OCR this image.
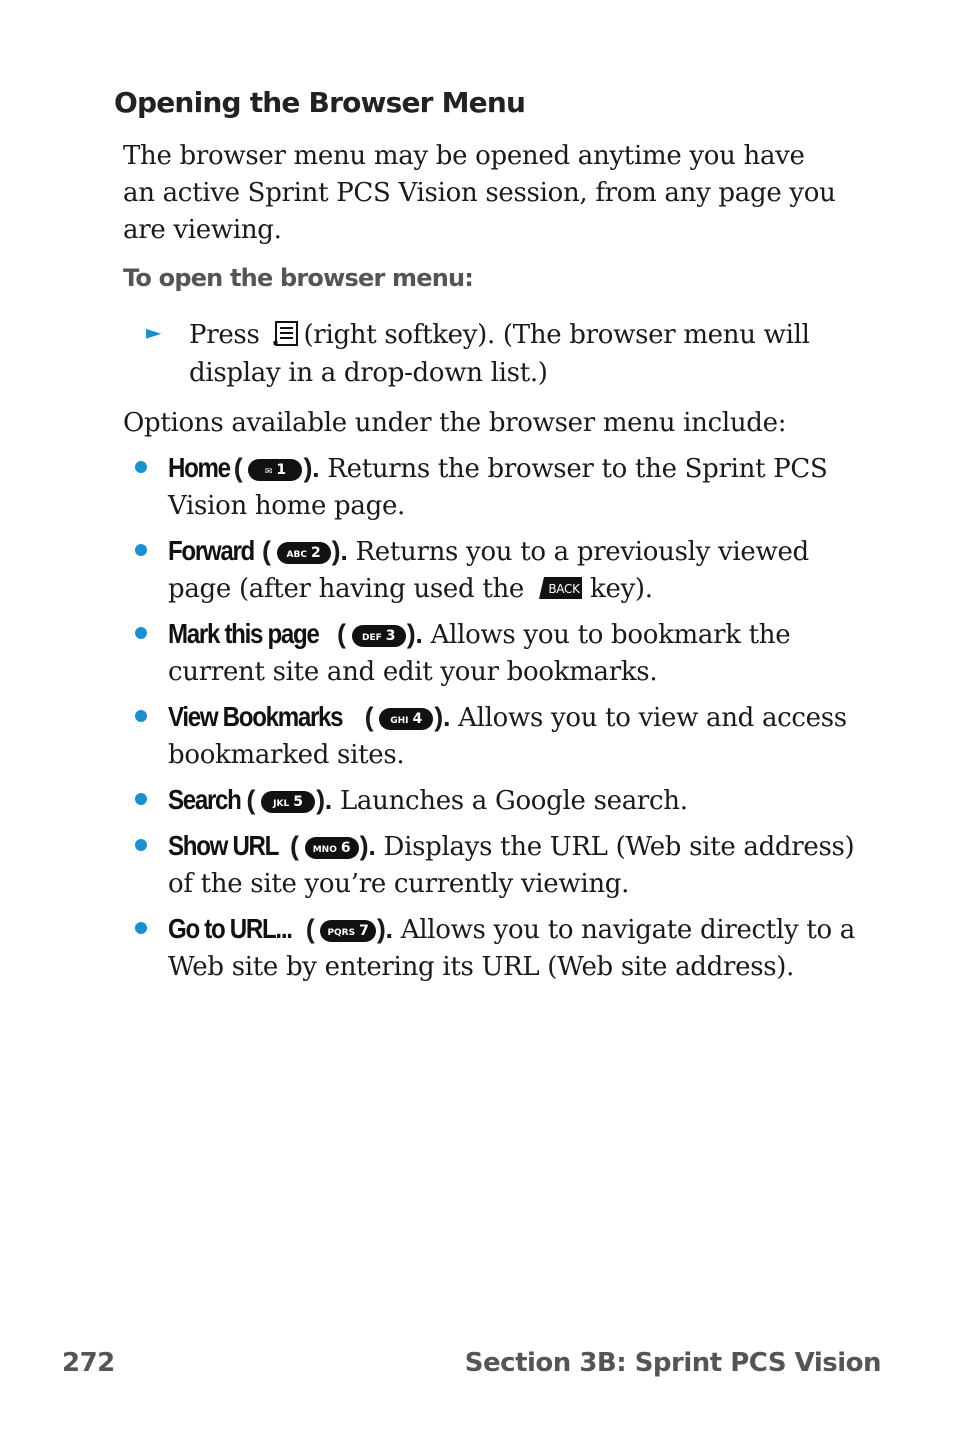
Opening the Browser Menu

The browser menu may be opened anytime you have an active Sprint PCS Vision session, from any page you are viewing.

To open the browser menu:

► Press (right softkey). (The browser menu will display in a drop-down list.)

Options available under the browser menu include:

Home ( ✉ 1 ). Returns the browser to the Sprint PCS Vision home page.
Forward ( ABC 2 ). Returns you to a previously viewed page (after having used the BACK key).
Mark this page ( DEF 3 ). Allows you to bookmark the current site and edit your bookmarks.
View Bookmarks ( GHI 4 ). Allows you to view and access bookmarked sites.
Search ( JKL 5 ). Launches a Google search.
Show URL ( MNO 6 ). Displays the URL (Web site address) of the site you’re currently viewing.
Go to URL... ( PQRS 7 ). Allows you to navigate directly to a Web site by entering its URL (Web site address).

272	Section 3B: Sprint PCS Vision
